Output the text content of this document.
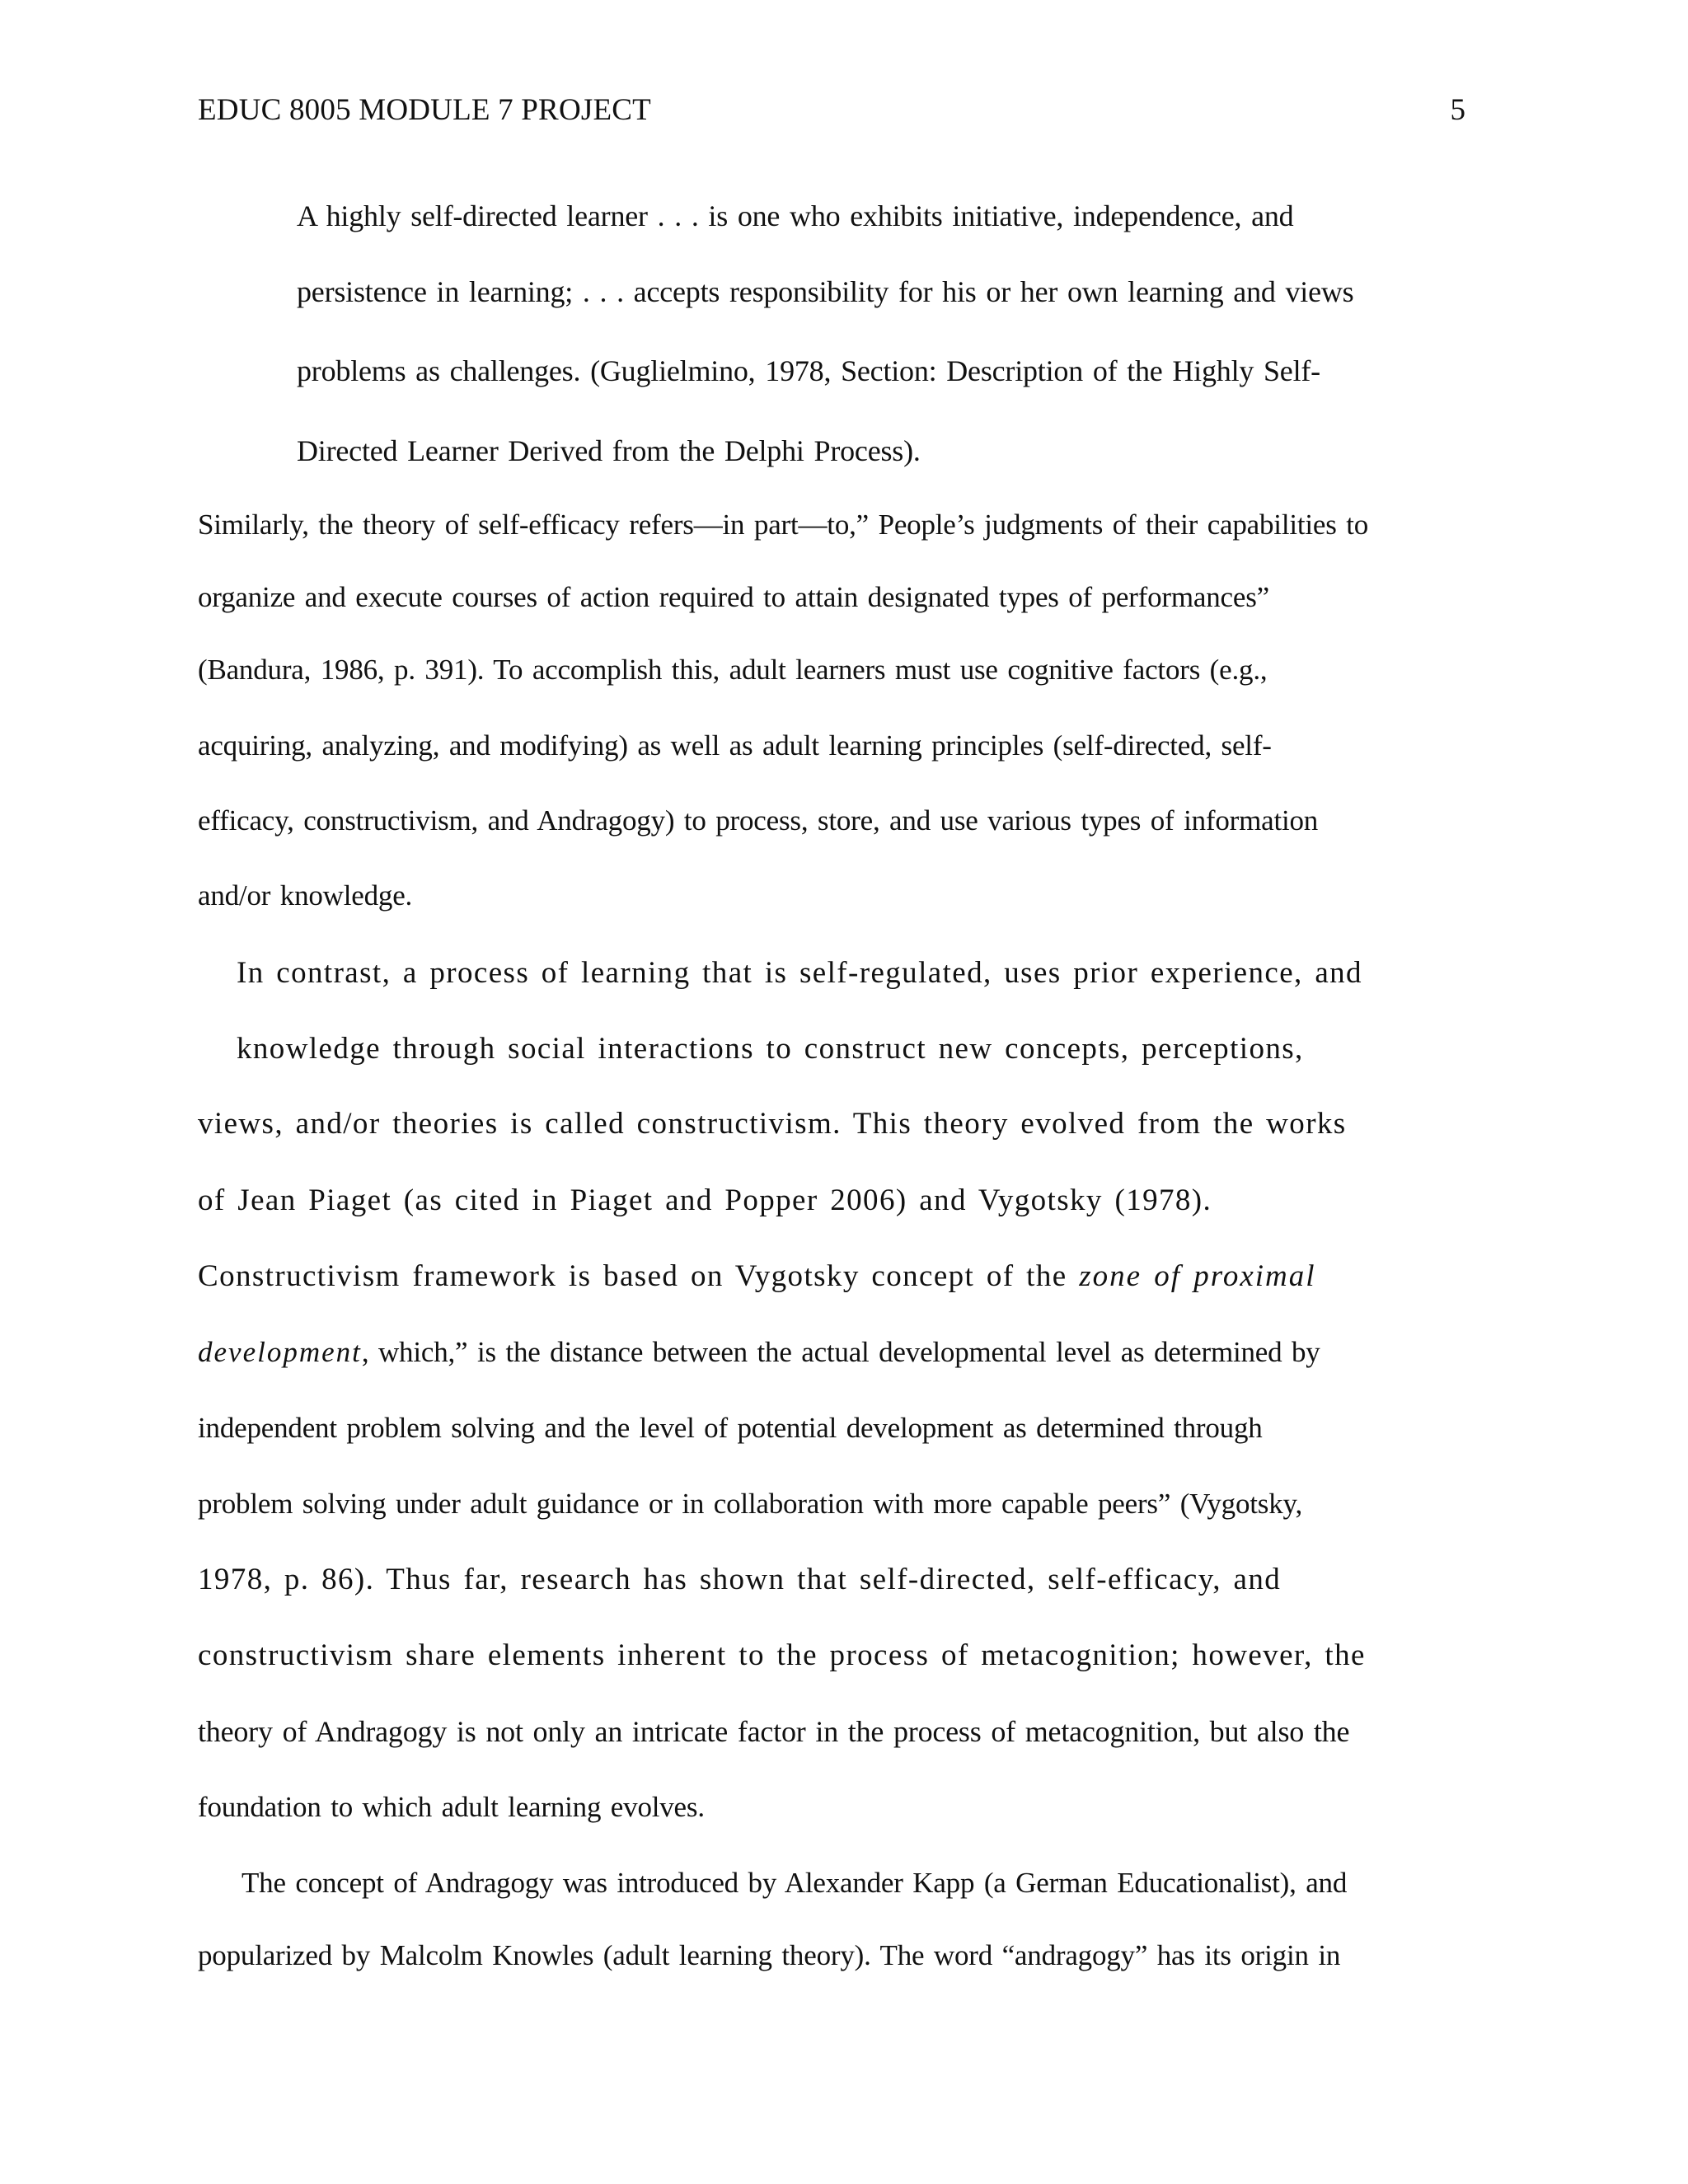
EDUC 8005 MODULE 7 PROJECT	5
A highly self-directed learner . . . is one who exhibits initiative, independence, and
persistence in learning; . . . accepts responsibility for his or her own learning and views
problems as challenges. (Guglielmino, 1978, Section: Description of the Highly Self-
Directed Learner Derived from the Delphi Process).
Similarly, the theory of self-efficacy refers—in part—to,” People’s judgments of their capabilities to
organize and execute courses of action required to attain designated types of performances”
(Bandura, 1986, p. 391). To accomplish this, adult learners must use cognitive factors (e.g.,
acquiring, analyzing, and modifying) as well as adult learning principles (self-directed, self-
efficacy, constructivism, and Andragogy) to process, store, and use various types of information
and/or knowledge.
In contrast, a process of learning that is self-regulated, uses prior experience, and
knowledge through social interactions to construct new concepts, perceptions,
views, and/or theories is called constructivism. This theory evolved from the works
of Jean Piaget (as cited in Piaget and Popper 2006) and Vygotsky (1978).
Constructivism framework is based on Vygotsky concept of the zone of proximal
development, which,” is the distance between the actual developmental level as determined by
independent problem solving and the level of potential development as determined through
problem solving under adult guidance or in collaboration with more capable peers” (Vygotsky,
1978, p. 86). Thus far, research has shown that self-directed, self-efficacy, and
constructivism share elements inherent to the process of metacognition; however, the
theory of Andragogy is not only an intricate factor in the process of metacognition, but also the
foundation to which adult learning evolves.
The concept of Andragogy was introduced by Alexander Kapp (a German Educationalist), and
popularized by Malcolm Knowles (adult learning theory). The word “andragogy” has its origin in
